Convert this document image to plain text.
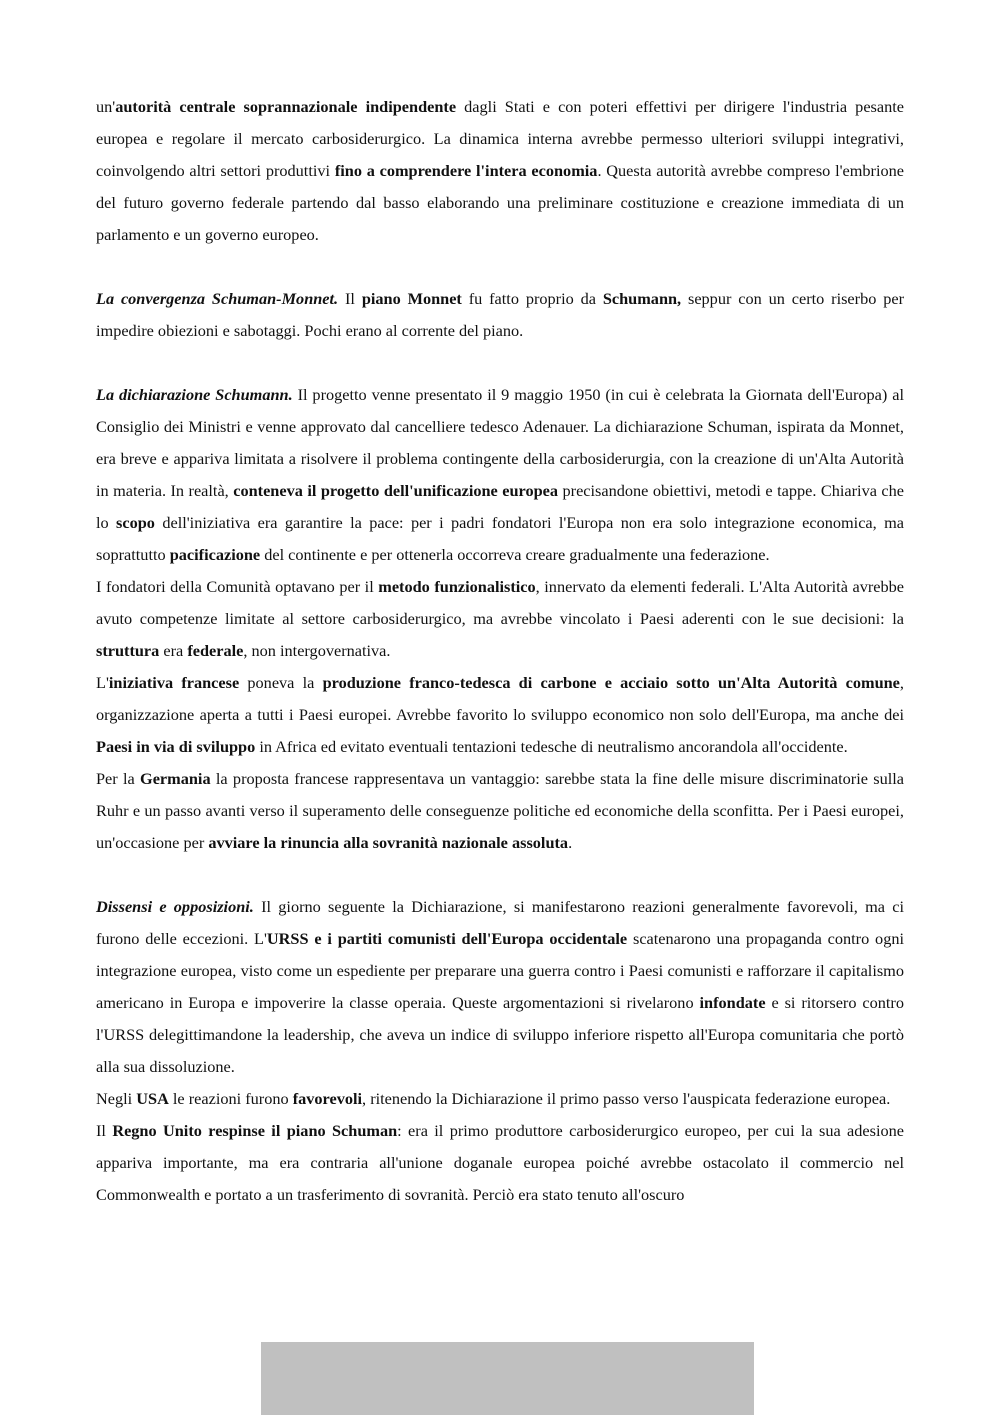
un'autorità centrale soprannazionale indipendente dagli Stati e con poteri effettivi per dirigere l'industria pesante europea e regolare il mercato carbosiderurgico. La dinamica interna avrebbe permesso ulteriori sviluppi integrativi, coinvolgendo altri settori produttivi fino a comprendere l'intera economia. Questa autorità avrebbe compreso l'embrione del futuro governo federale partendo dal basso elaborando una preliminare costituzione e creazione immediata di un parlamento e un governo europeo.

La convergenza Schuman-Monnet. Il piano Monnet fu fatto proprio da Schumann, seppur con un certo riserbo per impedire obiezioni e sabotaggi. Pochi erano al corrente del piano.

La dichiarazione Schumann. Il progetto venne presentato il 9 maggio 1950 (in cui è celebrata la Giornata dell'Europa) al Consiglio dei Ministri e venne approvato dal cancelliere tedesco Adenauer. La dichiarazione Schuman, ispirata da Monnet, era breve e appariva limitata a risolvere il problema contingente della carbosiderurgia, con la creazione di un'Alta Autorità in materia. In realtà, conteneva il progetto dell'unificazione europea precisandone obiettivi, metodi e tappe. Chiariva che lo scopo dell'iniziativa era garantire la pace: per i padri fondatori l'Europa non era solo integrazione economica, ma soprattutto pacificazione del continente e per ottenerla occorreva creare gradualmente una federazione.

I fondatori della Comunità optavano per il metodo funzionalistico, innervato da elementi federali. L'Alta Autorità avrebbe avuto competenze limitate al settore carbosiderurgico, ma avrebbe vincolato i Paesi aderenti con le sue decisioni: la struttura era federale, non intergovernativa.

L'iniziativa francese poneva la produzione franco-tedesca di carbone e acciaio sotto un'Alta Autorità comune, organizzazione aperta a tutti i Paesi europei. Avrebbe favorito lo sviluppo economico non solo dell'Europa, ma anche dei Paesi in via di sviluppo in Africa ed evitato eventuali tentazioni tedesche di neutralismo ancorandola all'occidente.

Per la Germania la proposta francese rappresentava un vantaggio: sarebbe stata la fine delle misure discriminatorie sulla Ruhr e un passo avanti verso il superamento delle conseguenze politiche ed economiche della sconfitta. Per i Paesi europei, un'occasione per avviare la rinuncia alla sovranità nazionale assoluta.

Dissensi e opposizioni. Il giorno seguente la Dichiarazione, si manifestarono reazioni generalmente favorevoli, ma ci furono delle eccezioni. L'URSS e i partiti comunisti dell'Europa occidentale scatenarono una propaganda contro ogni integrazione europea, visto come un espediente per preparare una guerra contro i Paesi comunisti e rafforzare il capitalismo americano in Europa e impoverire la classe operaia. Queste argomentazioni si rivelarono infondate e si ritorsero contro l'URSS delegittimandone la leadership, che aveva un indice di sviluppo inferiore rispetto all'Europa comunitaria che portò alla sua dissoluzione.

Negli USA le reazioni furono favorevoli, ritenendo la Dichiarazione il primo passo verso l'auspicata federazione europea.

Il Regno Unito respinse il piano Schuman: era il primo produttore carbosiderurgico europeo, per cui la sua adesione appariva importante, ma era contraria all'unione doganale europea poiché avrebbe ostacolato il commercio nel Commonwealth e portato a un trasferimento di sovranità. Perciò era stato tenuto all'oscuro
